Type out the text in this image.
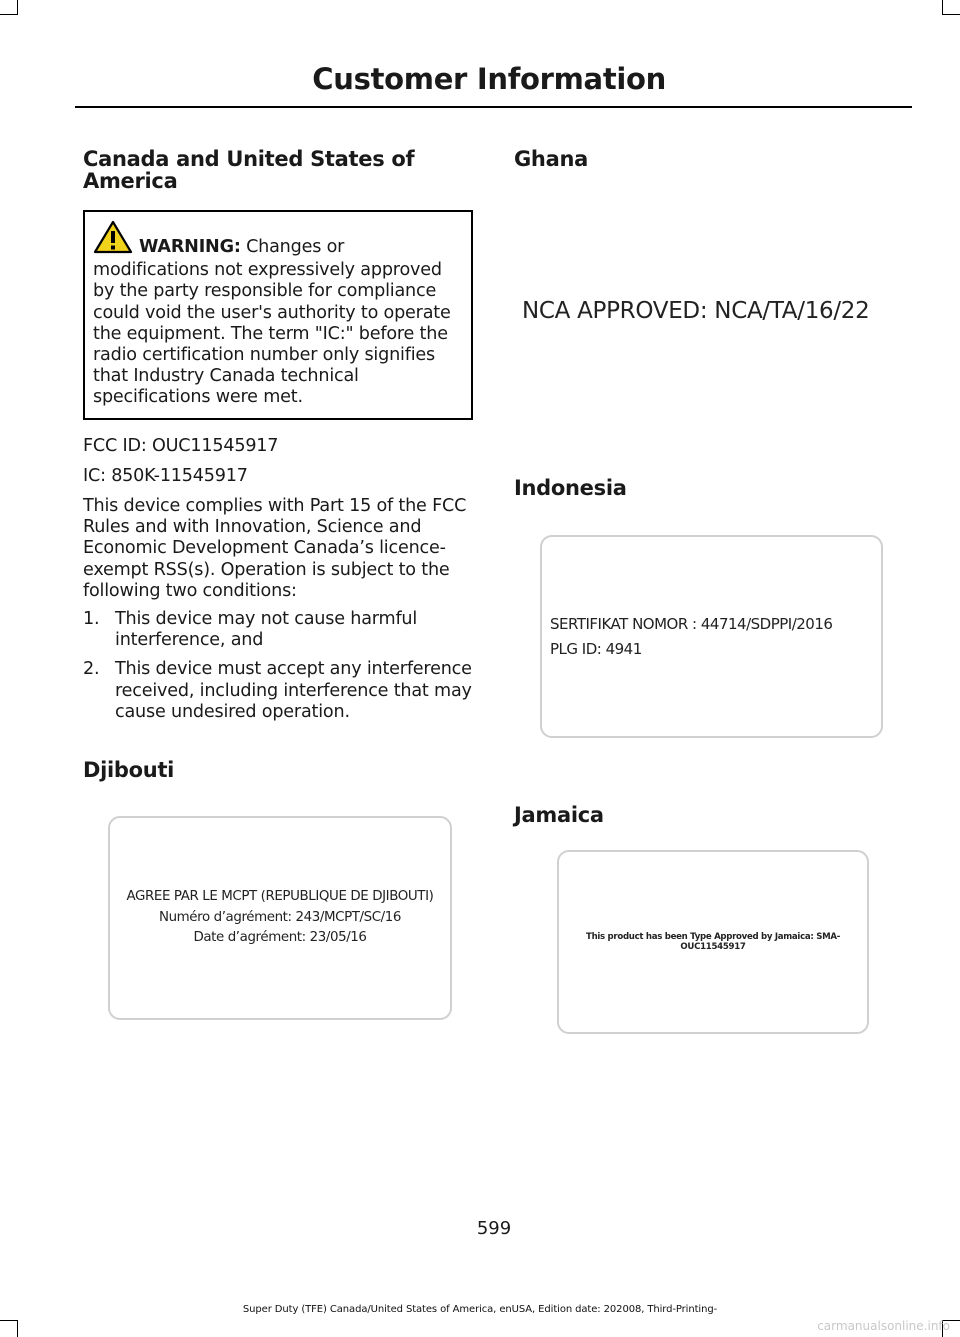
Customer Information
Canada and United States of America
WARNING: Changes or modifications not expressively approved by the party responsible for compliance could void the user's authority to operate the equipment. The term "IC:" before the radio certification number only signifies that Industry Canada technical specifications were met.

FCC ID: OUC11545917

IC: 850K-11545917

This device complies with Part 15 of the FCC Rules and with Innovation, Science and Economic Development Canada’s licence-exempt RSS(s). Operation is subject to the following two conditions:

1. This device may not cause harmful interference, and
2. This device must accept any interference received, including interference that may cause undesired operation.
Djibouti
AGREE PAR LE MCPT (REPUBLIQUE DE DJIBOUTI)
Numéro d’agrément: 243/MCPT/SC/16
Date d’agrément: 23/05/16
Ghana
NCA APPROVED: NCA/TA/16/22
Indonesia
SERTIFIKAT NOMOR : 44714/SDPPI/2016
PLG ID: 4941
Jamaica
This product has been Type Approved by Jamaica: SMA- OUC11545917
599
Super Duty (TFE) Canada/United States of America, enUSA, Edition date: 202008, Third-Printing-
carmanualsonline.info
